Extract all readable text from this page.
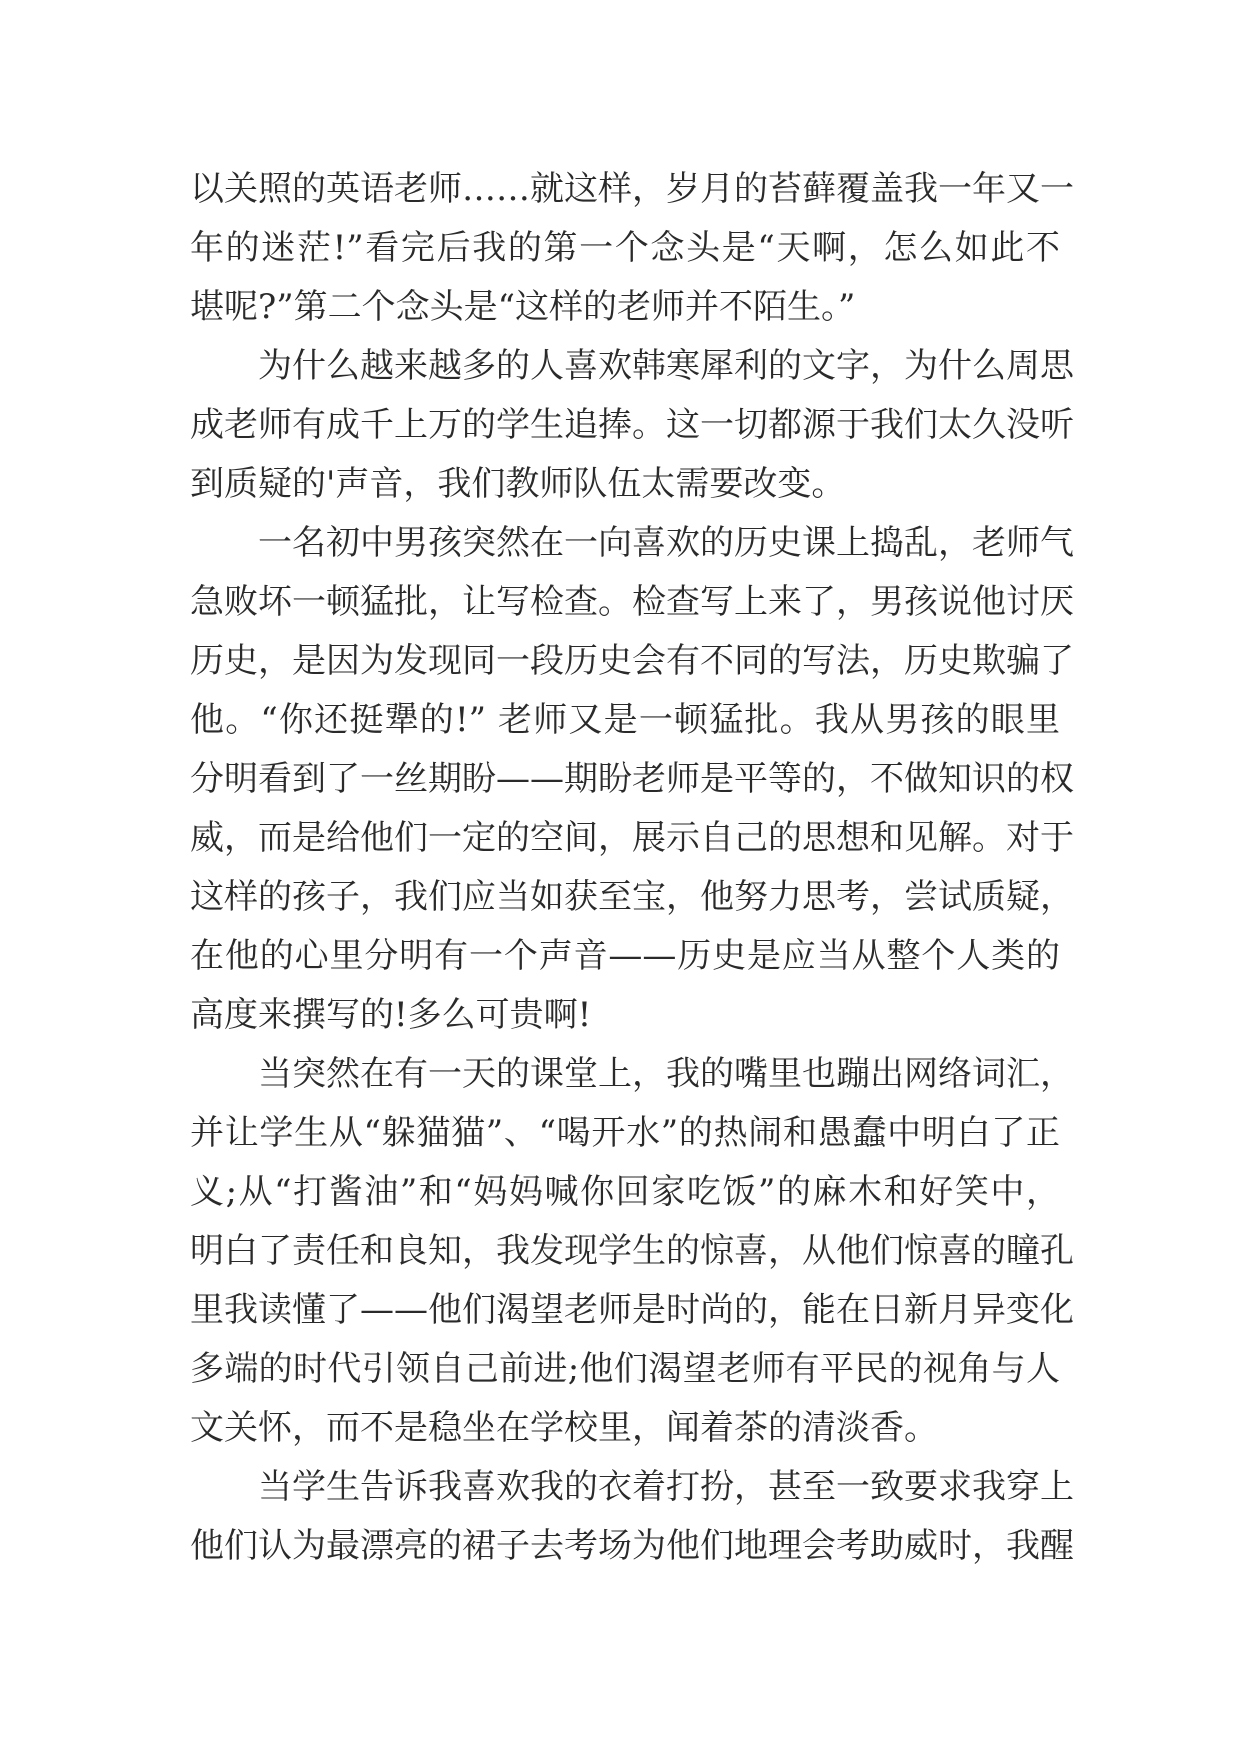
以关照的英语老师……就这样，岁月的苔藓覆盖我一年又一
年的迷茫!”看完后我的第一个念头是“天啊，怎么如此不
堪呢?”第二个念头是“这样的老师并不陌生。”
为什么越来越多的人喜欢韩寒犀利的文字，为什么周思
成老师有成千上万的学生追捧。这一切都源于我们太久没听
到质疑的'声音，我们教师队伍太需要改变。
一名初中男孩突然在一向喜欢的历史课上捣乱，老师气
急败坏一顿猛批，让写检查。检查写上来了，男孩说他讨厌
历史，是因为发现同一段历史会有不同的写法，历史欺骗了
他。“你还挺犟的!” 老师又是一顿猛批。我从男孩的眼里
分明看到了一丝期盼——期盼老师是平等的，不做知识的权
威，而是给他们一定的空间，展示自己的思想和见解。对于
这样的孩子，我们应当如获至宝，他努力思考，尝试质疑，
在他的心里分明有一个声音——历史是应当从整个人类的
高度来撰写的!多么可贵啊!
当突然在有一天的课堂上，我的嘴里也蹦出网络词汇，
并让学生从“躲猫猫”、“喝开水”的热闹和愚蠢中明白了正
义;从“打酱油”和“妈妈喊你回家吃饭”的麻木和好笑中，
明白了责任和良知，我发现学生的惊喜，从他们惊喜的瞳孔
里我读懂了——他们渴望老师是时尚的，能在日新月异变化
多端的时代引领自己前进;他们渴望老师有平民的视角与人
文关怀，而不是稳坐在学校里，闻着茶的清淡香。
当学生告诉我喜欢我的衣着打扮，甚至一致要求我穿上
他们认为最漂亮的裙子去考场为他们地理会考助威时，我醒
